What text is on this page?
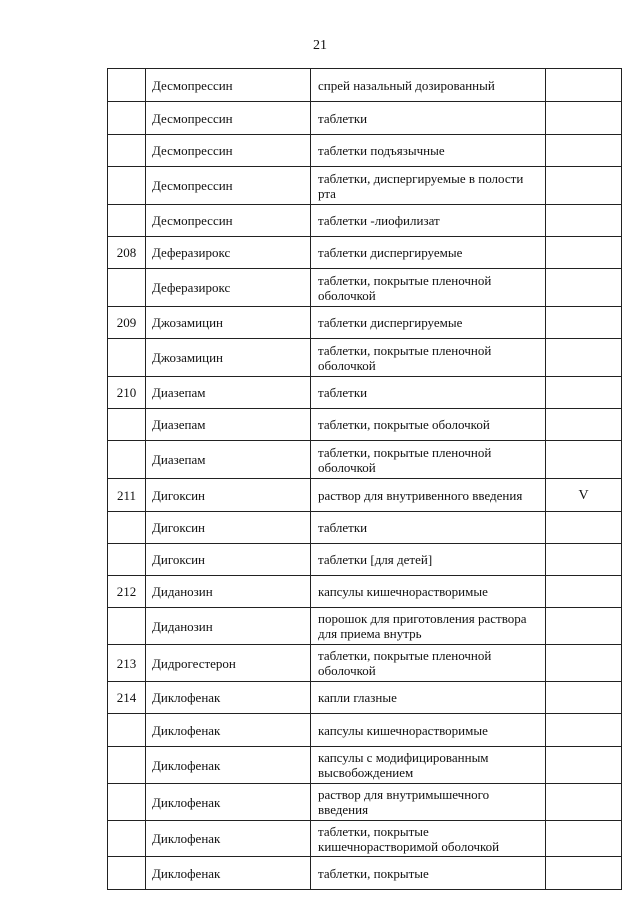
21
	Десмопрессин	спрей назальный дозированный	
	Десмопрессин	таблетки	
	Десмопрессин	таблетки подъязычные	
	Десмопрессин	таблетки, диспергируемые в полости рта	
	Десмопрессин	таблетки -лиофилизат	
208	Деферазирокс	таблетки диспергируемые	
	Деферазирокс	таблетки, покрытые пленочной оболочкой	
209	Джозамицин	таблетки диспергируемые	
	Джозамицин	таблетки, покрытые пленочной оболочкой	
210	Диазепам	таблетки	
	Диазепам	таблетки, покрытые оболочкой	
	Диазепам	таблетки, покрытые пленочной оболочкой	
211	Дигоксин	раствор для внутривенного введения	V
	Дигоксин	таблетки	
	Дигоксин	таблетки [для детей]	
212	Диданозин	капсулы кишечнорастворимые	
	Диданозин	порошок для приготовления раствора для приема внутрь	
213	Дидрогестерон	таблетки, покрытые пленочной оболочкой	
214	Диклофенак	капли глазные	
	Диклофенак	капсулы кишечнорастворимые	
	Диклофенак	капсулы с модифицированным высвобождением	
	Диклофенак	раствор для внутримышечного введения	
	Диклофенак	таблетки, покрытые кишечнорастворимой оболочкой	
	Диклофенак	таблетки, покрытые	
